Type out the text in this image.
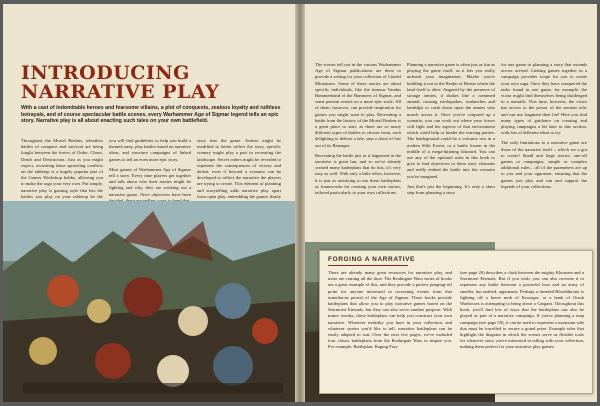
INTRODUCING
NARRATIVE PLAY
With a cast of indomitable heroes and fearsome villains, a plot of conquests, zealous loyalty and ruthless betrayals, and of course spectacular battle scenes, every Warhammer Age of Sigmar legend tells an epic story. Narrative play is all about enacting such tales on your own battlefield.

Throughout the Mortal Realms, relentless battles of conquest and survival are being fought between the forces of Order, Chaos, Death and Destruction. Just as you might expect, recreating these sprawling conflicts on the tabletop is a hugely popular part of the Games Workshop hobby, allowing you to make the saga your very own. Put simply, narrative play is gaming style that lets the battles you play on your tabletop be the

you will find guidelines to help you build a themed army, play battles based on narrative ideas, and structure campaigns of linked games to tell an even more epic story.

Most games of Warhammer Age of Sigmar tell a story. Every time players get together and talk about who their armies might be fighting and why, they are working out a narrative game. Once objectives have been

story into the game. Armies might be modified to better reflect the story, specific scenery might play a part in recreating the landscape. Secret orders might be revealed to represent the consequences of victory and defeat, even if beyond a scenario can be developed to reflect the narrative the players are trying to create. This element of planning and storytelling adds narrative play apart from open play, embedding the games firmly

The stories tell out in the various Warhammer Age of Sigmar publications are there to provide a setting for your collection of Citadel Miniatures. Some of these stories are about specific individuals, like the famous Vandus Hammerhand of the Hammers of Sigmar, and some present events on a more epic scale. All of them, however, can provide inspiration for games you might want to play. Recreating a battle from the history of the Mortal Realms is a great place to start, as there are so many different types of battles to choose from, each delighting to deliver a tale, step a cheat of fate out of its Ramages.

Recreating the battle just as it happened in the narrative is great fun, and so we've already created many battleplans that do this, it's very easy as well. With only a little effort, however, it is just as satisfying to use these battleplans as frameworks for creating your own stories, tailored particularly to your own collections.

Planning a narrative game is often just as fun as playing the game itself, as it lets you really unleash your imagination. Maybe you're building it out in the Realm of Beasts where the land itself is alive. Angered by the presence of strange armies, it shakes like a crammed animal, causing earthquakes, avalanches and landslips to crash down upon the armies who march across it. Once you've conjured up a scenario, you can work out where your forces will fight and the aspects of that environment which could help or hinder the warring parties. The battleground could be a volcanic rest in a molten Slith Forest, or a battle frozen in the middle of a mega-thinning blizzard. You can use any of the optional rules in this book to give to find objectives to these story elements and really embed the battle into the scenario you've imagined.

Just that's just the beginning. It's only a short step from planning a story

for one game to planning a story that extends across several. Linking games together in a campaign provides scope for you to create your own saga. Once they have conquered the tasks found in one game, for example, the victor might find themselves being challenged to a rematch. This time, however, the victor has access to the power of the ancient relic and can use fragment their foe! Here you find many types of guidance on creating and playing campaigns a bit later in this section, with lots of different ideas to try.

The only limitations to a narrative game are those of the narrative itself – which we a got to create! Small and large stories, one-off games or campaigns, simple or complex additional rules – all of the parameters are up to you and your opponent, ensuring that the games you play and can and support the legends of your collections.

FORGING A NARRATIVE

There are already many great resources for narrative play, and more are coming all the time. The Realmgate Wars series of books are a great example of this, and they provide a perfect jumping-off point for anyone interested in recreating events from that tumultuous period of the Age of Sigmar. These books provide battleplans that allow you to play narrative games based on the Stormcast Eternals, but they can also serve another purpose. With minor tweaks, these battleplans can help you construct your own narrative. Whatever mobility you have in your collection, and whatever stories you'd like to tell, narrative battleplans can be easily adapted to suit. Over the next few pages, we've included four classic battleplans from the Realmgate Wars to inspire you. For example, Battleplan: Raging Fury

(see page 26) describes a clash between the mighty Khornate and a Stormcast Eternals. But if you wish, you can also recreate it to represent any battle between a powerful host and an army of smaller, but unified, opponents. Perhaps a dreaded Bloodthirster is fighting off a brave mob of Kroxigor, or a bank of Orruk Warbosses is attempting to bring down a Gargant. Throughout this book, you'll find lots of ways that the battleplans can also be played as part of a narrative campaign. If you're planning a map campaign (see page 50), it can be used to represent a mountain side that must be travelled to secure a grand prize. Example tales that highlight the diagram in which the scenes serve as flexible tools for whatever story you're interested in telling with your collection, making them perfect for your narrative play games.
